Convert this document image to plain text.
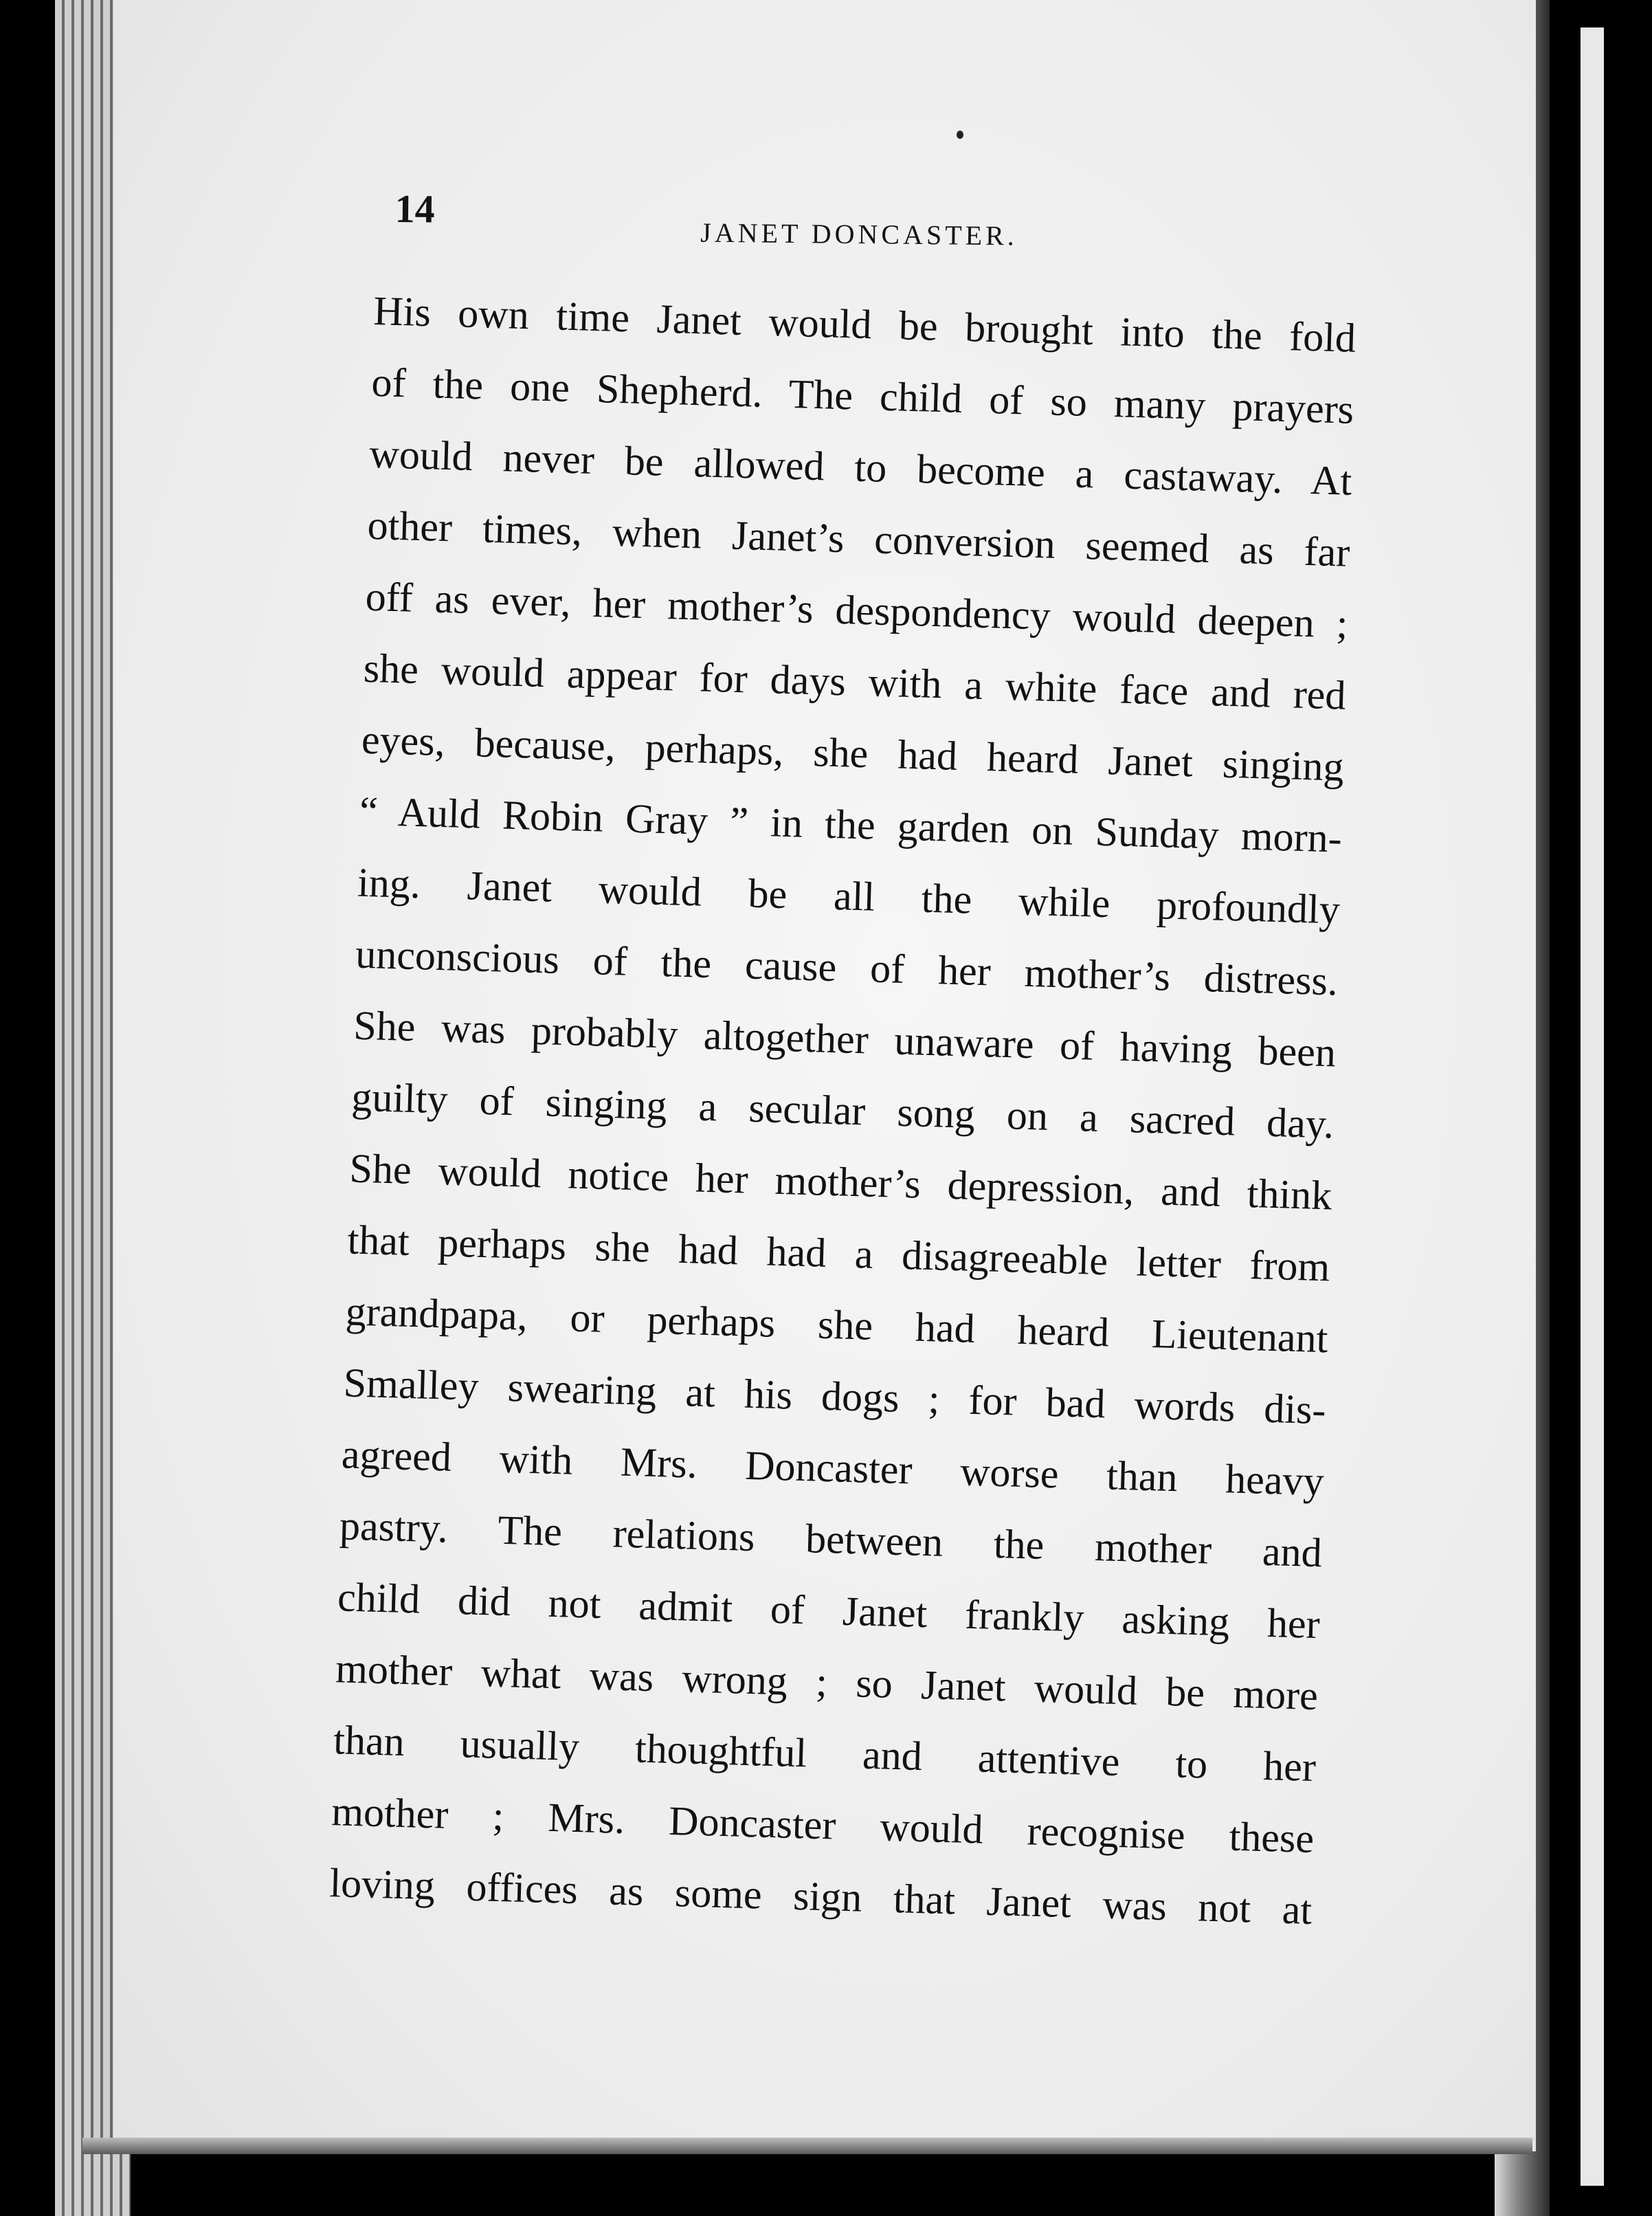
14
JANET DONCASTER.
His own time Janet would be brought into the fold
of the one Shepherd. The child of so many prayers
would never be allowed to become a castaway. At
other times, when Janet’s conversion seemed as far
off as ever, her mother’s despondency would deepen ;
she would appear for days with a white face and red
eyes, because, perhaps, she had heard Janet singing
“ Auld Robin Gray ” in the garden on Sunday morn-
ing. Janet would be all the while profoundly
unconscious of the cause of her mother’s distress.
She was probably altogether unaware of having been
guilty of singing a secular song on a sacred day.
She would notice her mother’s depression, and think
that perhaps she had had a disagreeable letter from
grandpapa, or perhaps she had heard Lieutenant
Smalley swearing at his dogs ; for bad words dis-
agreed with Mrs. Doncaster worse than heavy
pastry. The relations between the mother and
child did not admit of Janet frankly asking her
mother what was wrong ; so Janet would be more
than usually thoughtful and attentive to her
mother ; Mrs. Doncaster would recognise these
loving offices as some sign that Janet was not at
